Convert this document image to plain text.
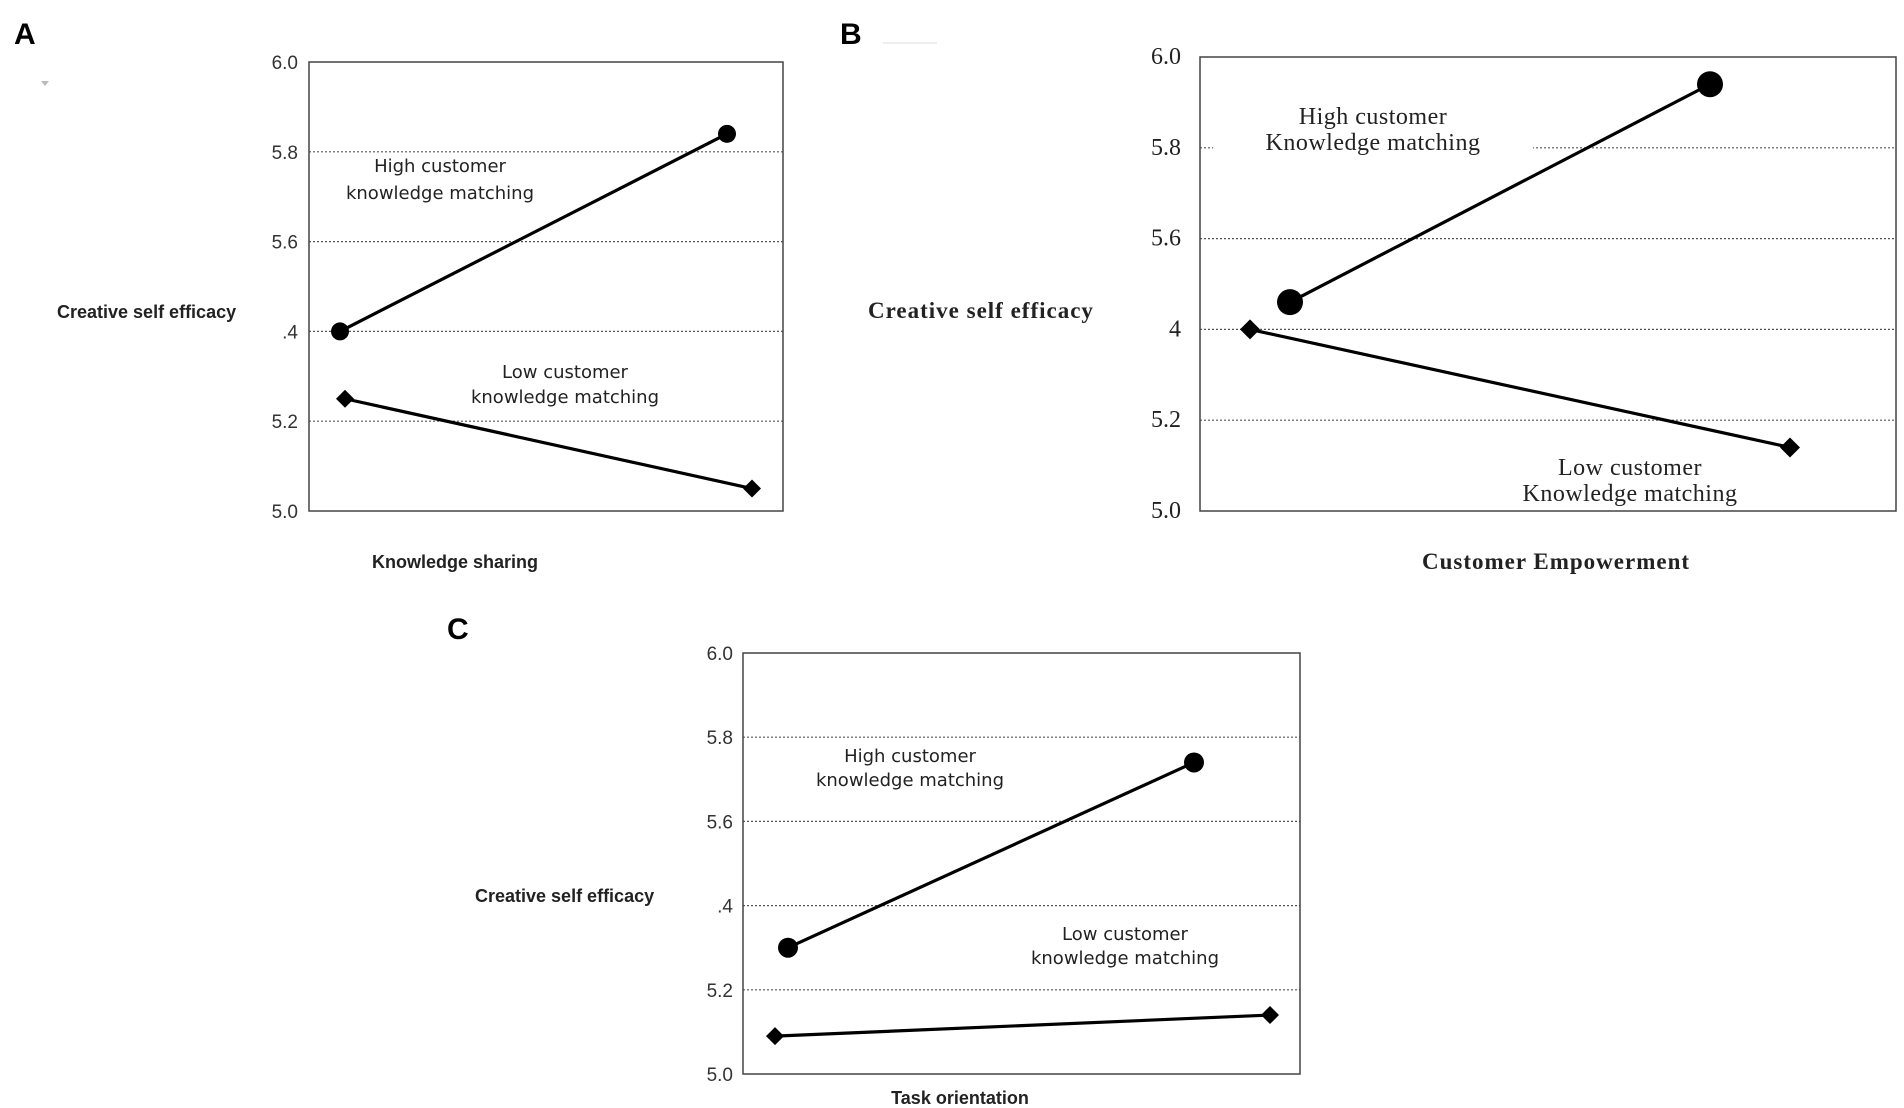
A
5.0
5.2
.4
5.6
5.8
6.0
Creative self efficacy
Knowledge sharing
High customer knowledge matching
Low customer knowledge matching
B
5.0
5.2
4
5.6
5.8
6.0
Creative self efficacy
Customer Empowerment
High customer Knowledge matching
Low customer Knowledge matching
C
5.0
5.2
.4
5.6
5.8
6.0
Creative self efficacy
Task orientation
High customer knowledge matching
Low customer knowledge matching
